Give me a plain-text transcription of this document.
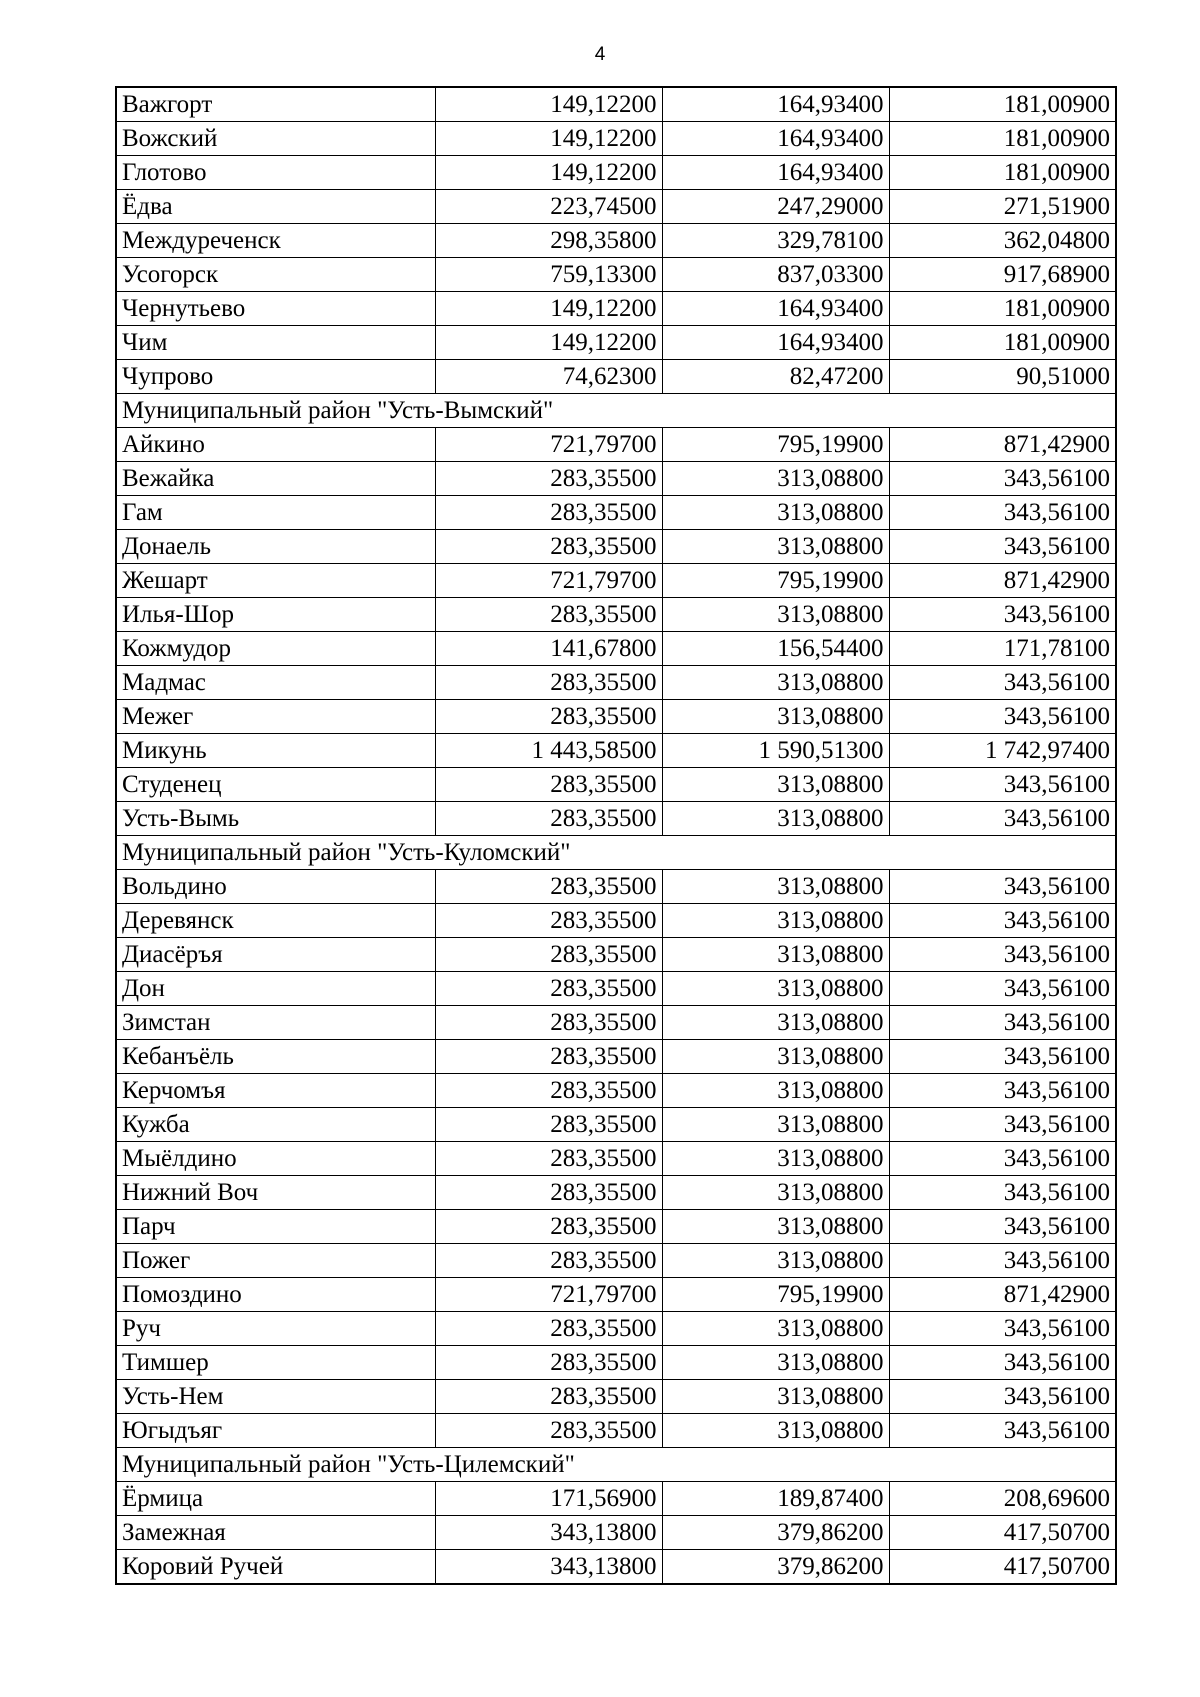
4
Важгорт	149,12200	164,93400	181,00900
Вожский	149,12200	164,93400	181,00900
Глотово	149,12200	164,93400	181,00900
Ёдва	223,74500	247,29000	271,51900
Междуреченск	298,35800	329,78100	362,04800
Усогорск	759,13300	837,03300	917,68900
Чернутьево	149,12200	164,93400	181,00900
Чим	149,12200	164,93400	181,00900
Чупрово	74,62300	82,47200	90,51000
Муниципальный район "Усть-Вымский"			
Айкино	721,79700	795,19900	871,42900
Вежайка	283,35500	313,08800	343,56100
Гам	283,35500	313,08800	343,56100
Донаель	283,35500	313,08800	343,56100
Жешарт	721,79700	795,19900	871,42900
Илья-Шор	283,35500	313,08800	343,56100
Кожмудор	141,67800	156,54400	171,78100
Мадмас	283,35500	313,08800	343,56100
Межег	283,35500	313,08800	343,56100
Микунь	1 443,58500	1 590,51300	1 742,97400
Студенец	283,35500	313,08800	343,56100
Усть-Вымь	283,35500	313,08800	343,56100
Муниципальный район "Усть-Куломский"			
Вольдино	283,35500	313,08800	343,56100
Деревянск	283,35500	313,08800	343,56100
Диасёръя	283,35500	313,08800	343,56100
Дон	283,35500	313,08800	343,56100
Зимстан	283,35500	313,08800	343,56100
Кебанъёль	283,35500	313,08800	343,56100
Керчомъя	283,35500	313,08800	343,56100
Кужба	283,35500	313,08800	343,56100
Мыёлдино	283,35500	313,08800	343,56100
Нижний Воч	283,35500	313,08800	343,56100
Парч	283,35500	313,08800	343,56100
Пожег	283,35500	313,08800	343,56100
Помоздино	721,79700	795,19900	871,42900
Руч	283,35500	313,08800	343,56100
Тимшер	283,35500	313,08800	343,56100
Усть-Нем	283,35500	313,08800	343,56100
Югыдъяг	283,35500	313,08800	343,56100
Муниципальный район "Усть-Цилемский"			
Ёрмица	171,56900	189,87400	208,69600
Замежная	343,13800	379,86200	417,50700
Коровий Ручей	343,13800	379,86200	417,50700
